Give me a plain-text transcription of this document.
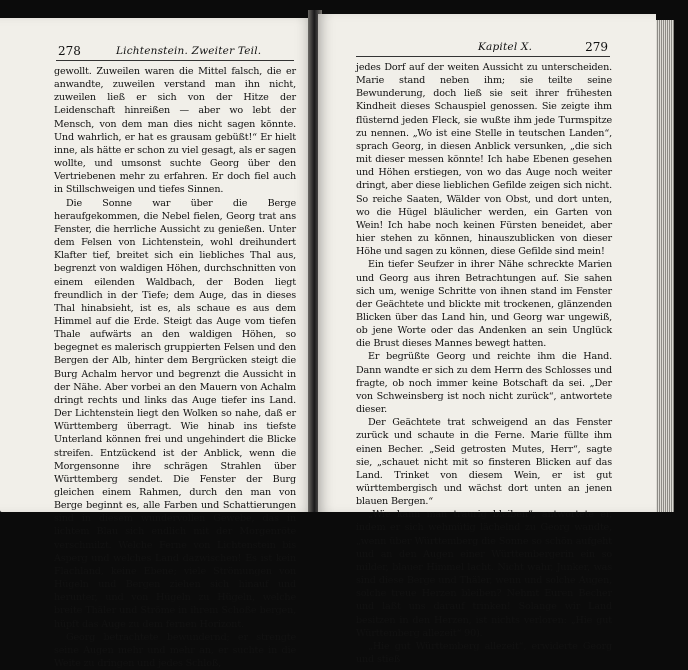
278	Lichtenstein. Zweiter Teil.

gewollt. Zuweilen waren die Mittel falsch, die er anwandte, zuweilen verstand man ihn nicht, zuweilen ließ er sich von der Hitze der Leidenschaft hinreißen — aber wo lebt der Mensch, von dem man dies nicht sagen könnte. Und wahrlich, er hat es grausam gebüßt!“ Er hielt inne, als hätte er schon zu viel gesagt, als er sagen wollte, und umsonst suchte Georg über den Vertriebenen mehr zu erfahren. Er doch fiel auch in Stillschweigen und tiefes Sinnen.

Die Sonne war über die Berge heraufgekommen, die Nebel fielen, Georg trat ans Fenster, die herrliche Aussicht zu genießen. Unter dem Felsen von Lichtenstein, wohl dreihundert Klafter tief, breitet sich ein liebliches Thal aus, begrenzt von waldigen Höhen, durchschnitten von einem eilenden Waldbach, der Boden liegt freundlich in der Tiefe; dem Auge, das in dieses Thal hinabsieht, ist es, als schaue es aus dem Himmel auf die Erde. Steigt das Auge vom tiefen Thale aufwärts an den waldigen Höhen, so begegnet es malerisch gruppierten Felsen und den Bergen der Alb, hinter dem Bergrücken steigt die Burg Achalm hervor und begrenzt die Aussicht in der Nähe. Aber vorbei an den Mauern von Achalm dringt rechts und links das Auge tiefer ins Land. Der Lichtenstein liegt den Wolken so nahe, daß er Württemberg überragt. Wie hinab ins tiefste Unterland können frei und ungehindert die Blicke streifen. Entzückend ist der Anblick, wenn die Morgensonne ihre schrägen Strahlen über Württemberg sendet. Die Fenster der Burg gleichen einem Rahmen, durch den man von Berge beginnt es, alle Farben und Schattierungen sind in diesem wundervollen Gewebe, das in lichtem Blau sich endlich mit der Morgenröte verschmilzt. Welche Ferne von Lichtenstein bis Asperg und welches Land dazwischen! Es ist kein Flachland, keine Ebene; viele Strömungen von Hügeln und Bergen ziehen sich hinauf und herunter, und von Hügeln zu Hügeln, welche breite Thäler und Ströme in ihrem Schoße bergen, hüpft das Auge zu dem fernen Horizont.

Georg betrachtete bewundernd; er strengte seine Augen mehr und mehr an, er suchte in die Weite zu dringen und jedes Schloß,

Kapitel X.	279

jedes Dorf auf der weiten Aussicht zu unterscheiden. Marie stand neben ihm; sie teilte seine Bewunderung, doch ließ sie seit ihrer frühesten Kindheit dieses Schauspiel genossen. Sie zeigte ihm flüsternd jeden Fleck, sie wußte ihm jede Turmspitze zu nennen. „Wo ist eine Stelle in teutschen Landen“, sprach Georg, in diesen Anblick versunken, „die sich mit dieser messen könnte! Ich habe Ebenen gesehen und Höhen erstiegen, von wo das Auge noch weiter dringt, aber diese lieblichen Gefilde zeigen sich nicht. So reiche Saaten, Wälder von Obst, und dort unten, wo die Hügel bläulicher werden, ein Garten von Wein! Ich habe noch keinen Fürsten beneidet, aber hier stehen zu können, hinauszublicken von dieser Höhe und sagen zu können, diese Gefilde sind mein!

Ein tiefer Seufzer in ihrer Nähe schreckte Marien und Georg aus ihren Betrachtungen auf. Sie sahen sich um, wenige Schritte von ihnen stand im Fenster der Geächtete und blickte mit trockenen, glänzenden Blicken über das Land hin, und Georg war ungewiß, ob jene Worte oder das Andenken an sein Unglück die Brust dieses Mannes bewegt hatten.

Er begrüßte Georg und reichte ihm die Hand. Dann wandte er sich zu dem Herrn des Schlosses und fragte, ob noch immer keine Botschaft da sei. „Der von Schweinsberg ist noch nicht zurück“, antwortete dieser.

Der Geächtete trat schweigend an das Fenster zurück und schaute in die Ferne. Marie füllte ihm einen Becher. „Seid getrosten Mutes, Herr“, sagte sie, „schauet nicht mit so finsteren Blicken auf das Land. Trinket von diesem Wein, er ist gut württembergisch und wächst dort unten an jenen blauen Bergen.“

„Wie kann man traurig bleiben“, antwortete er, indem er sich wehmütig lächelnd zu Georg wandte, „wenn über Württemberg die Sonne so schön aufgeht und an den Augen einer Württembergerin ein so milder, blauer Himmel lacht. Nicht wahr, Junker, was sind diese Berge und Thäler, wenn und solche Augen, solche treue Herzen bleiben? Nehmt Euren Becher und laßt uns darauf trinken! Solange wir Land besitzen in den Herzen, ist nichts verloren: „Hie gut Württemberg allezeit“ 90).

„Hie gut Württemberg allezeit“, erwiderte Georg und stieß
